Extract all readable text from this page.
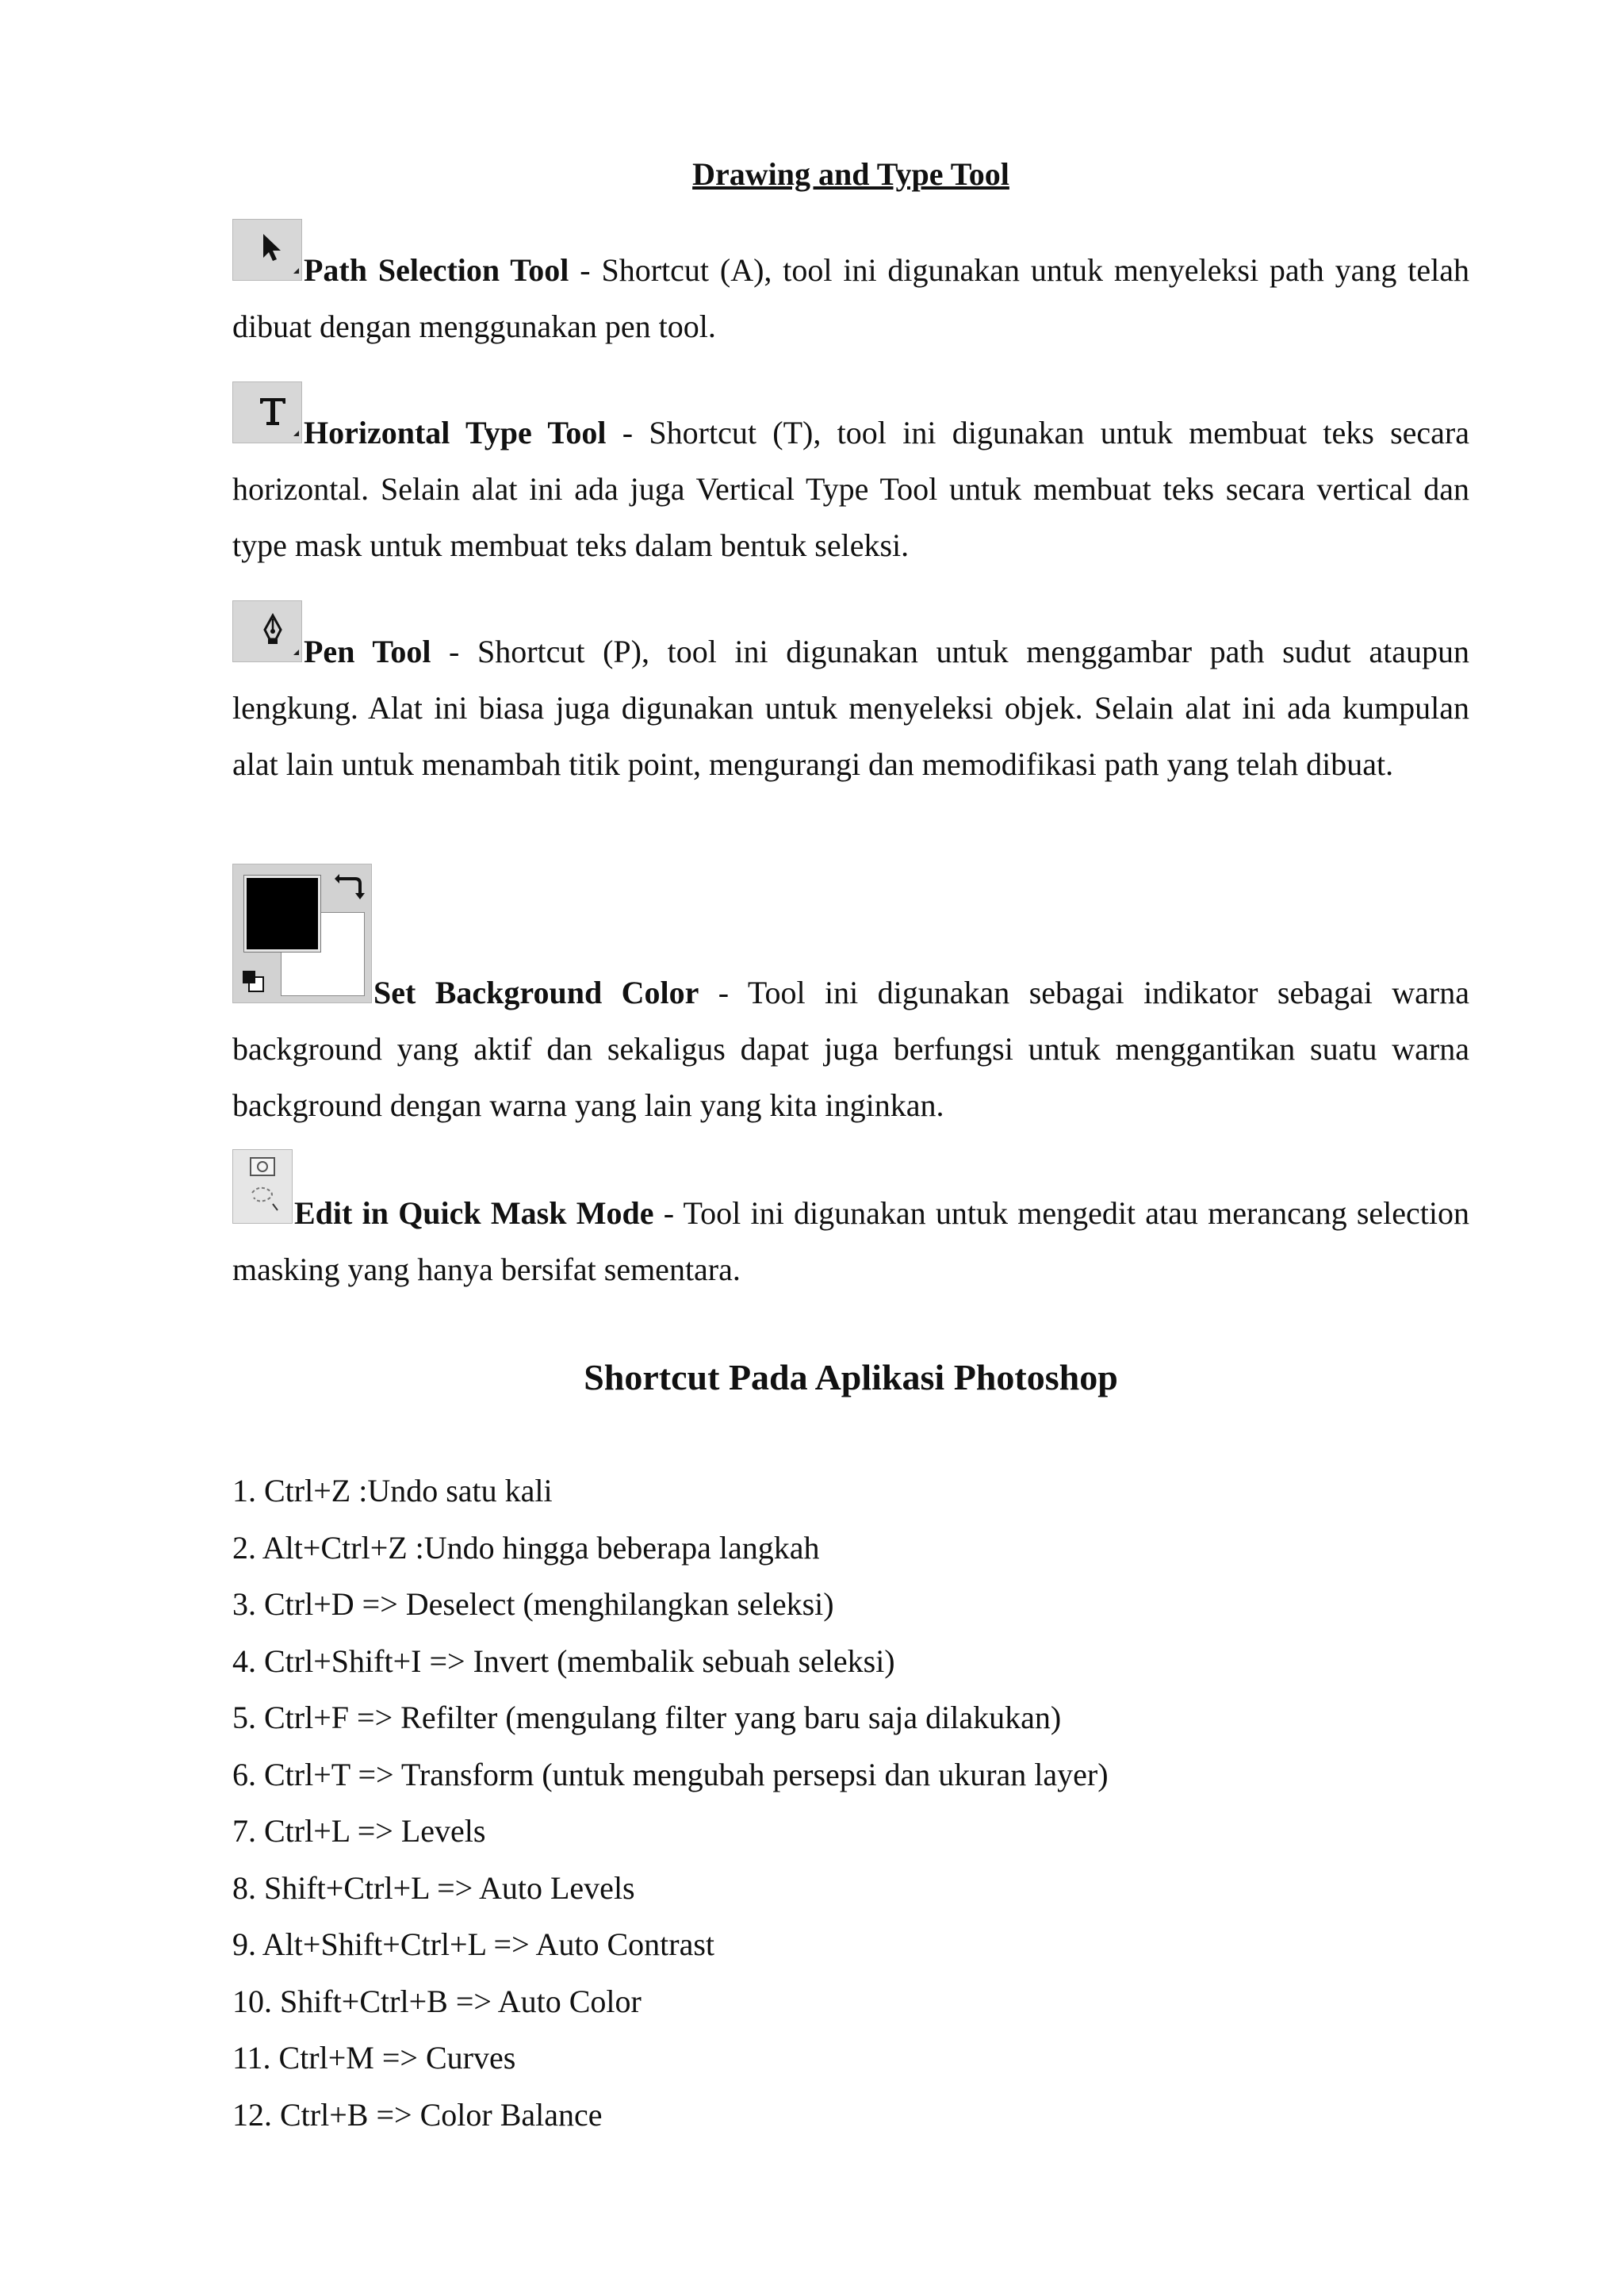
Drawing and Type Tool

Path Selection Tool - Shortcut (A), tool ini digunakan untuk menyeleksi path yang telah dibuat dengan menggunakan pen tool.

Horizontal Type Tool - Shortcut (T), tool ini digunakan untuk membuat teks secara horizontal. Selain alat ini ada juga Vertical Type Tool untuk membuat teks secara vertical dan type mask untuk membuat teks dalam bentuk seleksi.

Pen Tool - Shortcut (P), tool ini digunakan untuk menggambar path sudut ataupun lengkung. Alat ini biasa juga digunakan untuk menyeleksi objek. Selain alat ini ada kumpulan alat lain untuk menambah titik point, mengurangi dan memodifikasi path yang telah dibuat.

Set Background Color - Tool ini digunakan sebagai indikator sebagai warna background yang aktif dan sekaligus dapat juga berfungsi untuk menggantikan suatu warna background dengan warna yang lain yang kita inginkan.

Edit in Quick Mask Mode - Tool ini digunakan untuk mengedit atau merancang selection masking yang hanya bersifat sementara.

Shortcut Pada Aplikasi Photoshop
1. Ctrl+Z :Undo satu kali
2. Alt+Ctrl+Z :Undo hingga beberapa langkah
3. Ctrl+D => Deselect (menghilangkan seleksi)
4. Ctrl+Shift+I => Invert (membalik sebuah seleksi)
5. Ctrl+F => Refilter (mengulang filter yang baru saja dilakukan)
6. Ctrl+T => Transform (untuk mengubah persepsi dan ukuran layer)
7. Ctrl+L => Levels
8. Shift+Ctrl+L => Auto Levels
9. Alt+Shift+Ctrl+L => Auto Contrast
10. Shift+Ctrl+B => Auto Color
11. Ctrl+M => Curves
12. Ctrl+B => Color Balance
